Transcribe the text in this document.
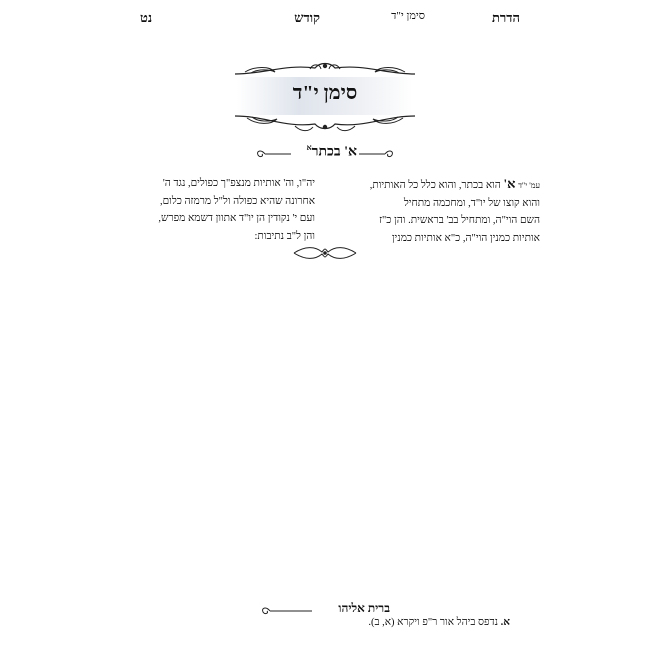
הדרת
סימן י"ד
קודש
נט
סימן י"ד
א' בכתר$^א$
עמ' י"ד א' הוא בכתר, והוא כלל כל האותיות,
והוא קוצו של יו"ד, ומחכמה מתחיל
השם הוי"ה, ומתחיל בב' בראשית. והן כ"ז
אותיות כמנין הוי"ה, כ"א אותיות כמנין
יה"ו, וה' אותיות מנצפ"ך כפולים, נגד ה'
אחרונה שהיא כפולה ול"ל מרמזה כלום,
ועם י' נקודין הן יו"ד אתוון דשמא מפרש,
והן ל"ב נתיבות:
ברית אליהו
א. נדפס ביהל אור ר"פ ויקרא (א, ב).
